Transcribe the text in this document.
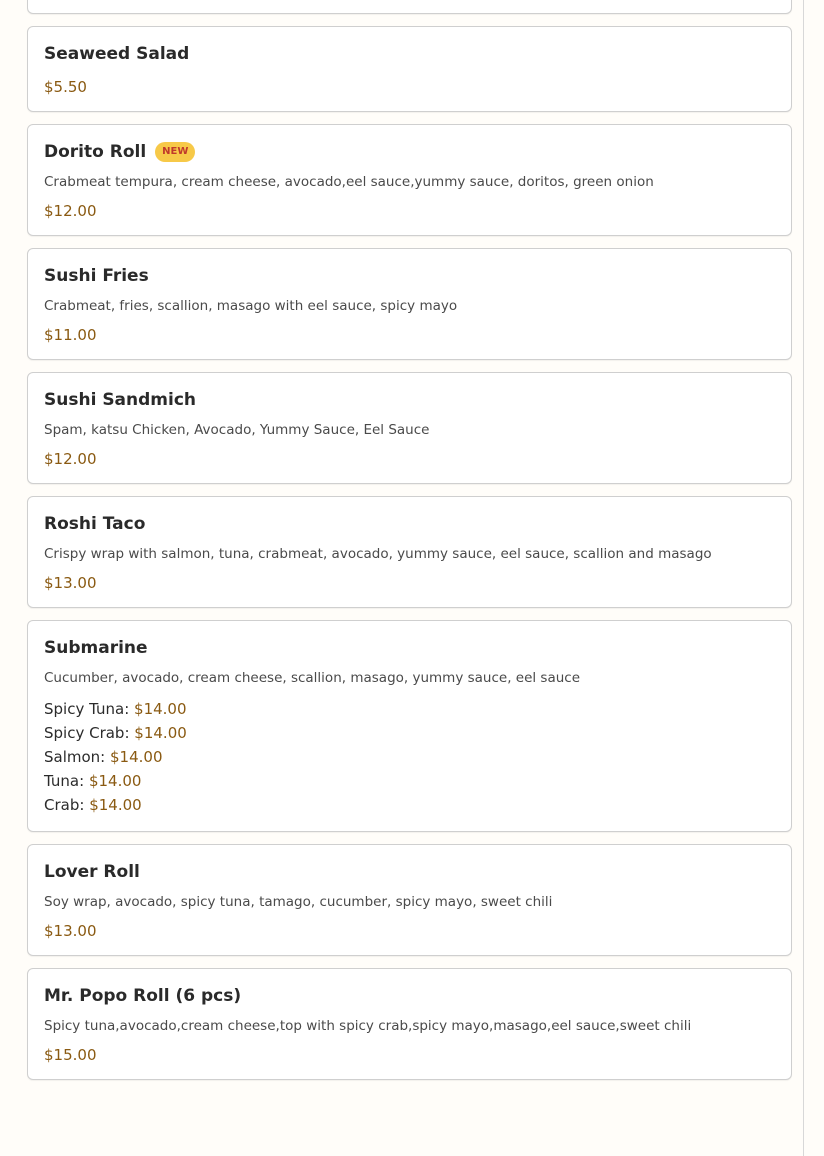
Seaweed Salad
$5.50
Dorito Roll	NEW
Crabmeat tempura, cream cheese, avocado,eel sauce,yummy sauce, doritos, green onion
$12.00
Sushi Fries
Crabmeat, fries, scallion, masago with eel sauce, spicy mayo
$11.00
Sushi Sandmich
Spam, katsu Chicken, Avocado, Yummy Sauce, Eel Sauce
$12.00
Roshi Taco
Crispy wrap with salmon, tuna, crabmeat, avocado, yummy sauce, eel sauce, scallion and masago
$13.00
Submarine
Cucumber, avocado, cream cheese, scallion, masago, yummy sauce, eel sauce
Spicy Tuna: $14.00
Spicy Crab: $14.00
Salmon: $14.00
Tuna: $14.00
Crab: $14.00
Lover Roll
Soy wrap, avocado, spicy tuna, tamago, cucumber, spicy mayo, sweet chili
$13.00
Mr. Popo Roll (6 pcs)
Spicy tuna,avocado,cream cheese,top with spicy crab,spicy mayo,masago,eel sauce,sweet chili
$15.00
